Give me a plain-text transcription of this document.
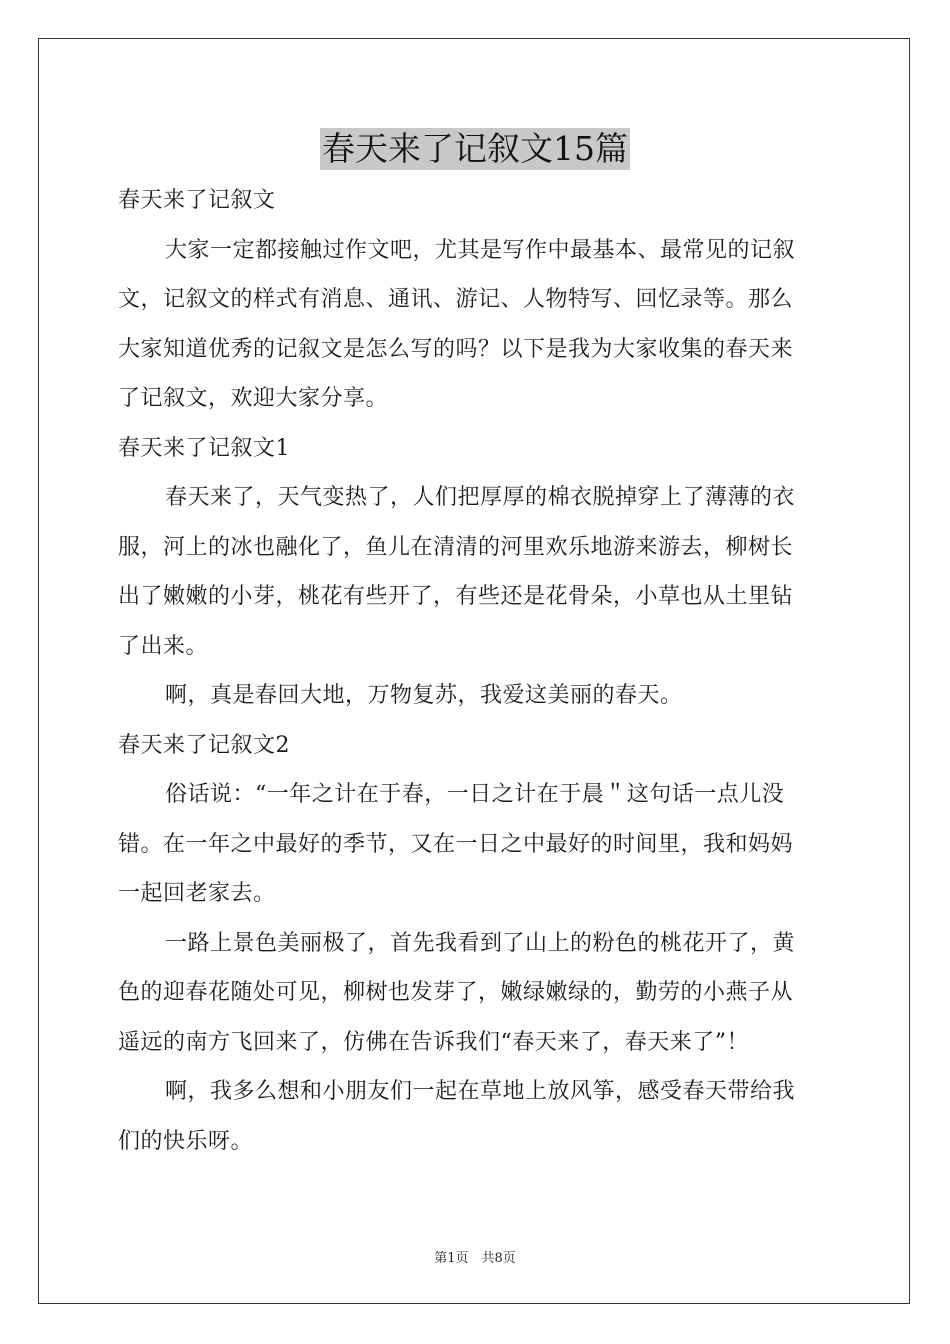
春天来了记叙文15篇
春天来了记叙文
大家一定都接触过作文吧，尤其是写作中最基本、最常见的记叙
文，记叙文的样式有消息、通讯、游记、人物特写、回忆录等。那么
大家知道优秀的记叙文是怎么写的吗？以下是我为大家收集的春天来
了记叙文，欢迎大家分享。
春天来了记叙文1
春天来了，天气变热了，人们把厚厚的棉衣脱掉穿上了薄薄的衣
服，河上的冰也融化了，鱼儿在清清的河里欢乐地游来游去，柳树长
出了嫩嫩的小芽，桃花有些开了，有些还是花骨朵，小草也从土里钻
了出来。
啊，真是春回大地，万物复苏，我爱这美丽的春天。
春天来了记叙文2
俗话说：“一年之计在于春，一日之计在于晨＂这句话一点儿没
错。在一年之中最好的季节，又在一日之中最好的时间里，我和妈妈
一起回老家去。
一路上景色美丽极了，首先我看到了山上的粉色的桃花开了，黄
色的迎春花随处可见，柳树也发芽了，嫩绿嫩绿的，勤劳的小燕子从
遥远的南方飞回来了，仿佛在告诉我们“春天来了，春天来了”！
啊，我多么想和小朋友们一起在草地上放风筝，感受春天带给我
们的快乐呀。
第1页　共8页
